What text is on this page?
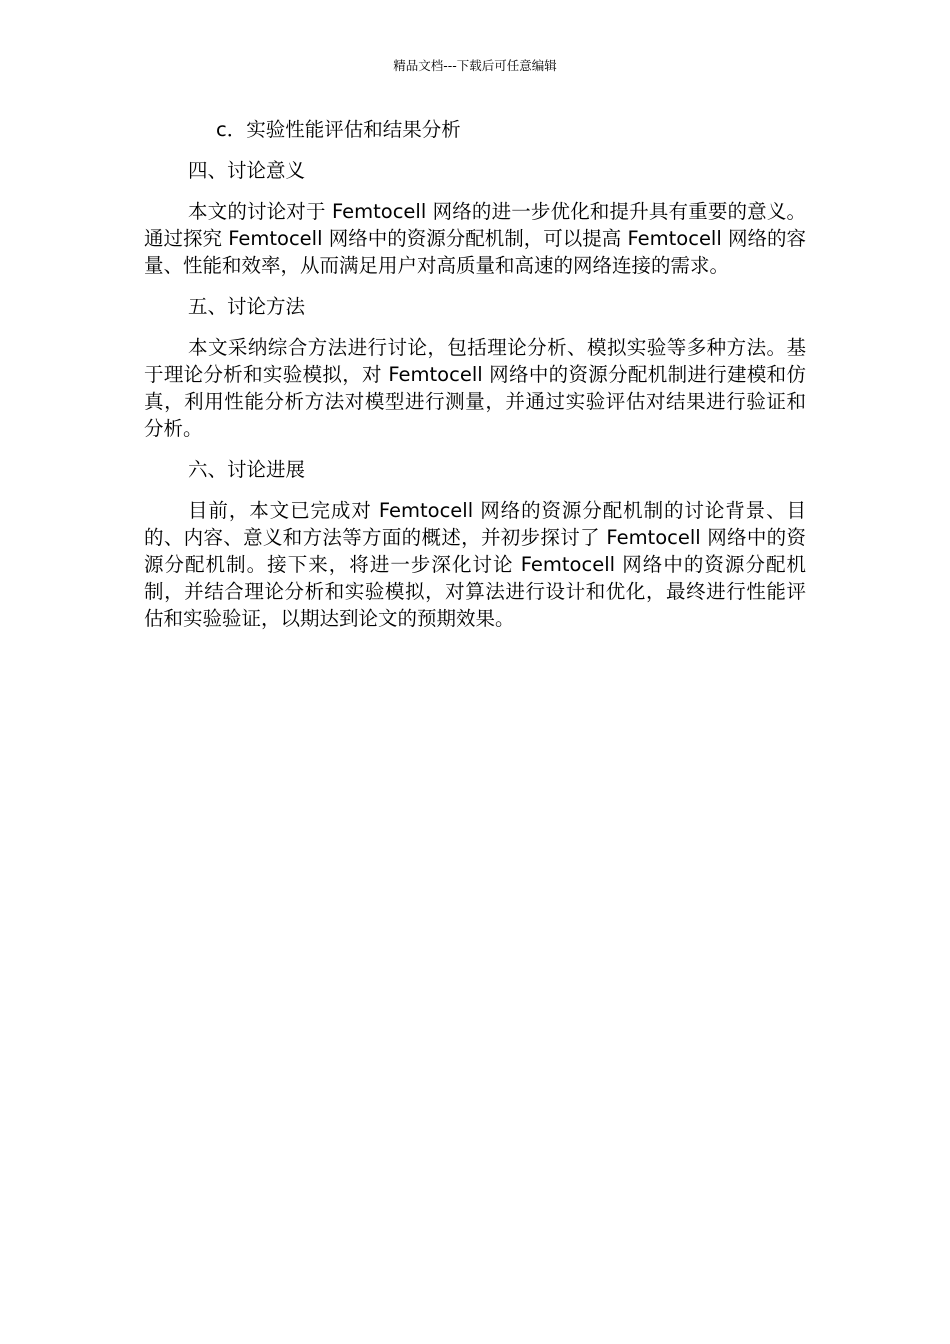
精品文档---下载后可任意编辑

c．实验性能评估和结果分析

四、讨论意义

本文的讨论对于 Femtocell 网络的进一步优化和提升具有重要的意义。通过探究 Femtocell 网络中的资源分配机制，可以提高 Femtocell 网络的容量、性能和效率，从而满足用户对高质量和高速的网络连接的需求。

五、讨论方法

本文采纳综合方法进行讨论，包括理论分析、模拟实验等多种方法。基于理论分析和实验模拟，对 Femtocell 网络中的资源分配机制进行建模和仿真，利用性能分析方法对模型进行测量，并通过实验评估对结果进行验证和分析。

六、讨论进展

目前，本文已完成对 Femtocell 网络的资源分配机制的讨论背景、目的、内容、意义和方法等方面的概述，并初步探讨了 Femtocell 网络中的资源分配机制。接下来，将进一步深化讨论 Femtocell 网络中的资源分配机制，并结合理论分析和实验模拟，对算法进行设计和优化，最终进行性能评估和实验验证，以期达到论文的预期效果。
